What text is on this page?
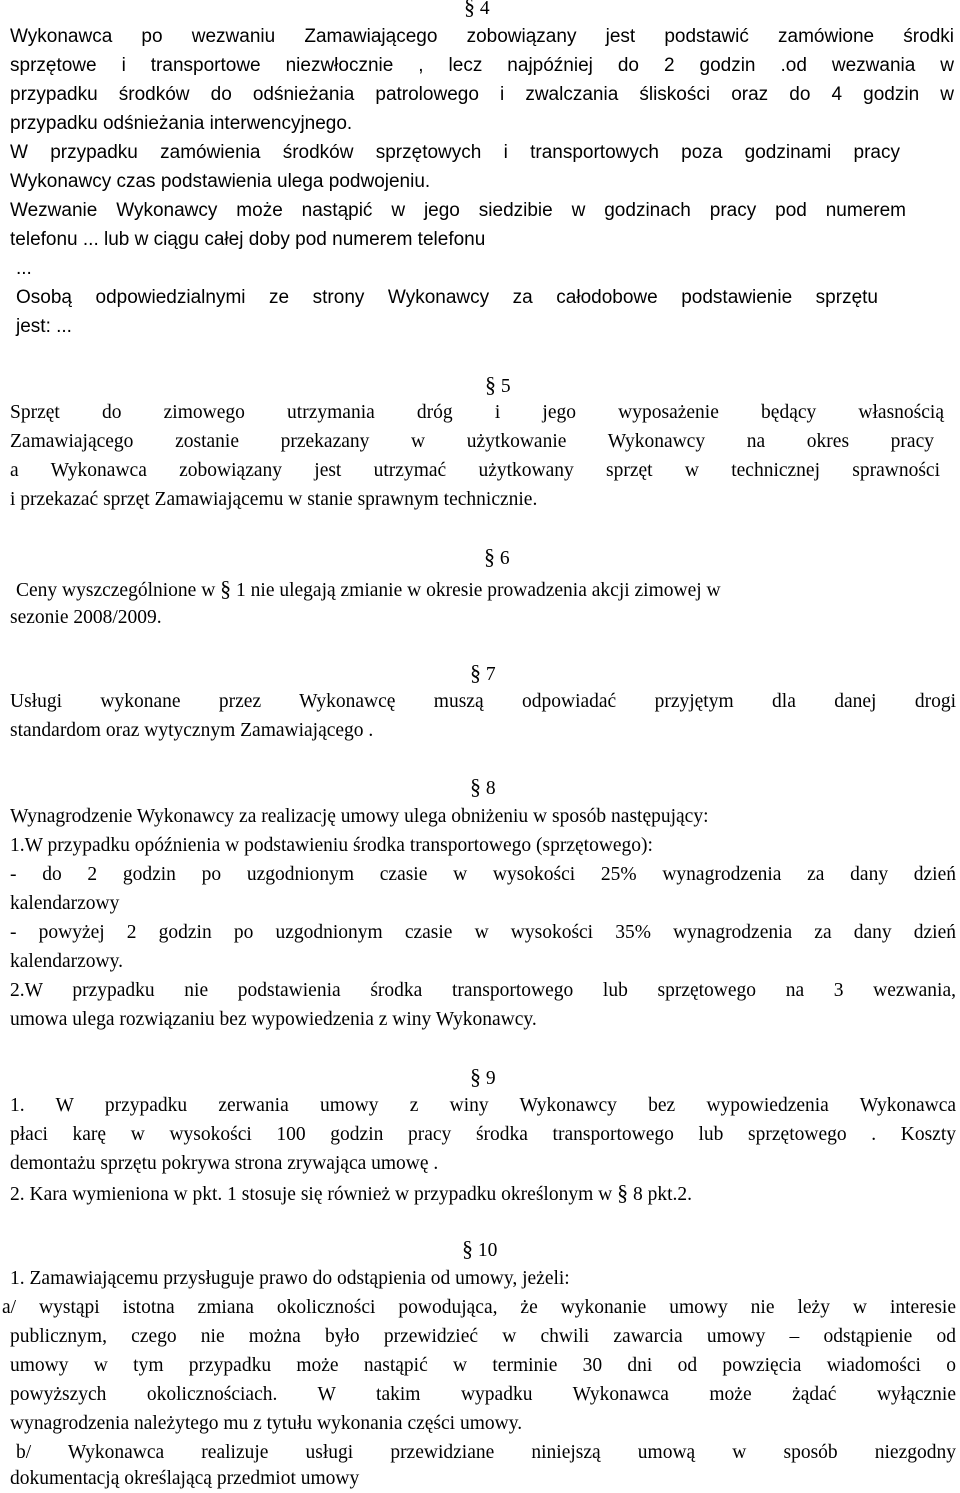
§ 4
Wykonawca po wezwaniu Zamawiającego zobowiązany jest podstawić zamówione środki
sprzętowe i transportowe niezwłocznie , lecz najpóźniej do 2 godzin .od wezwania w
przypadku środków do odśnieżania patrolowego i zwalczania śliskości oraz do 4 godzin w
przypadku odśnieżania interwencyjnego.
W przypadku zamówienia środków sprzętowych i transportowych poza godzinami pracy
Wykonawcy czas podstawienia ulega podwojeniu.
Wezwanie Wykonawcy może nastąpić w jego siedzibie w godzinach pracy pod numerem
telefonu ... lub w ciągu całej doby pod numerem telefonu
...
Osobą odpowiedzialnymi ze strony Wykonawcy za całodobowe podstawienie sprzętu
jest: ...
§ 5
Sprzęt do zimowego utrzymania dróg i jego wyposażenie będący własnością
Zamawiającego zostanie przekazany w użytkowanie Wykonawcy na okres pracy
a Wykonawca zobowiązany jest utrzymać użytkowany sprzęt w technicznej sprawności
i przekazać sprzęt Zamawiającemu w stanie sprawnym technicznie.
§ 6
Ceny wyszczególnione w § 1 nie ulegają zmianie w okresie prowadzenia akcji zimowej w
sezonie 2008/2009.
§ 7
Usługi wykonane przez Wykonawcę muszą odpowiadać przyjętym dla danej drogi
standardom oraz wytycznym Zamawiającego .
§ 8
Wynagrodzenie Wykonawcy za realizację umowy ulega obniżeniu w sposób następujący:
1.W przypadku opóźnienia w podstawieniu środka transportowego (sprzętowego):
- do 2 godzin po uzgodnionym czasie w wysokości 25% wynagrodzenia za dany dzień
kalendarzowy
- powyżej 2 godzin po uzgodnionym czasie w wysokości 35% wynagrodzenia za dany dzień
kalendarzowy.
2.W przypadku nie podstawienia środka transportowego lub sprzętowego na 3 wezwania,
umowa ulega rozwiązaniu bez wypowiedzenia z winy Wykonawcy.
§ 9
1. W przypadku zerwania umowy z winy Wykonawcy bez wypowiedzenia Wykonawca
płaci karę w wysokości 100 godzin pracy środka transportowego lub sprzętowego . Koszty
demontażu sprzętu pokrywa strona zrywająca umowę .
2. Kara wymieniona w pkt. 1 stosuje się również w przypadku określonym w § 8 pkt.2.
§ 10
1. Zamawiającemu przysługuje prawo do odstąpienia od umowy, jeżeli:
a/ wystąpi istotna zmiana okoliczności powodująca, że wykonanie umowy nie leży w interesie
publicznym, czego nie można było przewidzieć w chwili zawarcia umowy – odstąpienie od
umowy w tym przypadku może nastąpić w terminie 30 dni od powzięcia wiadomości o
powyższych okolicznościach. W takim wypadku Wykonawca może żądać wyłącznie
wynagrodzenia należytego mu z tytułu wykonania części umowy.
b/ Wykonawca realizuje usługi przewidziane niniejszą umową w sposób niezgodny
dokumentacją określającą przedmiot umowy
